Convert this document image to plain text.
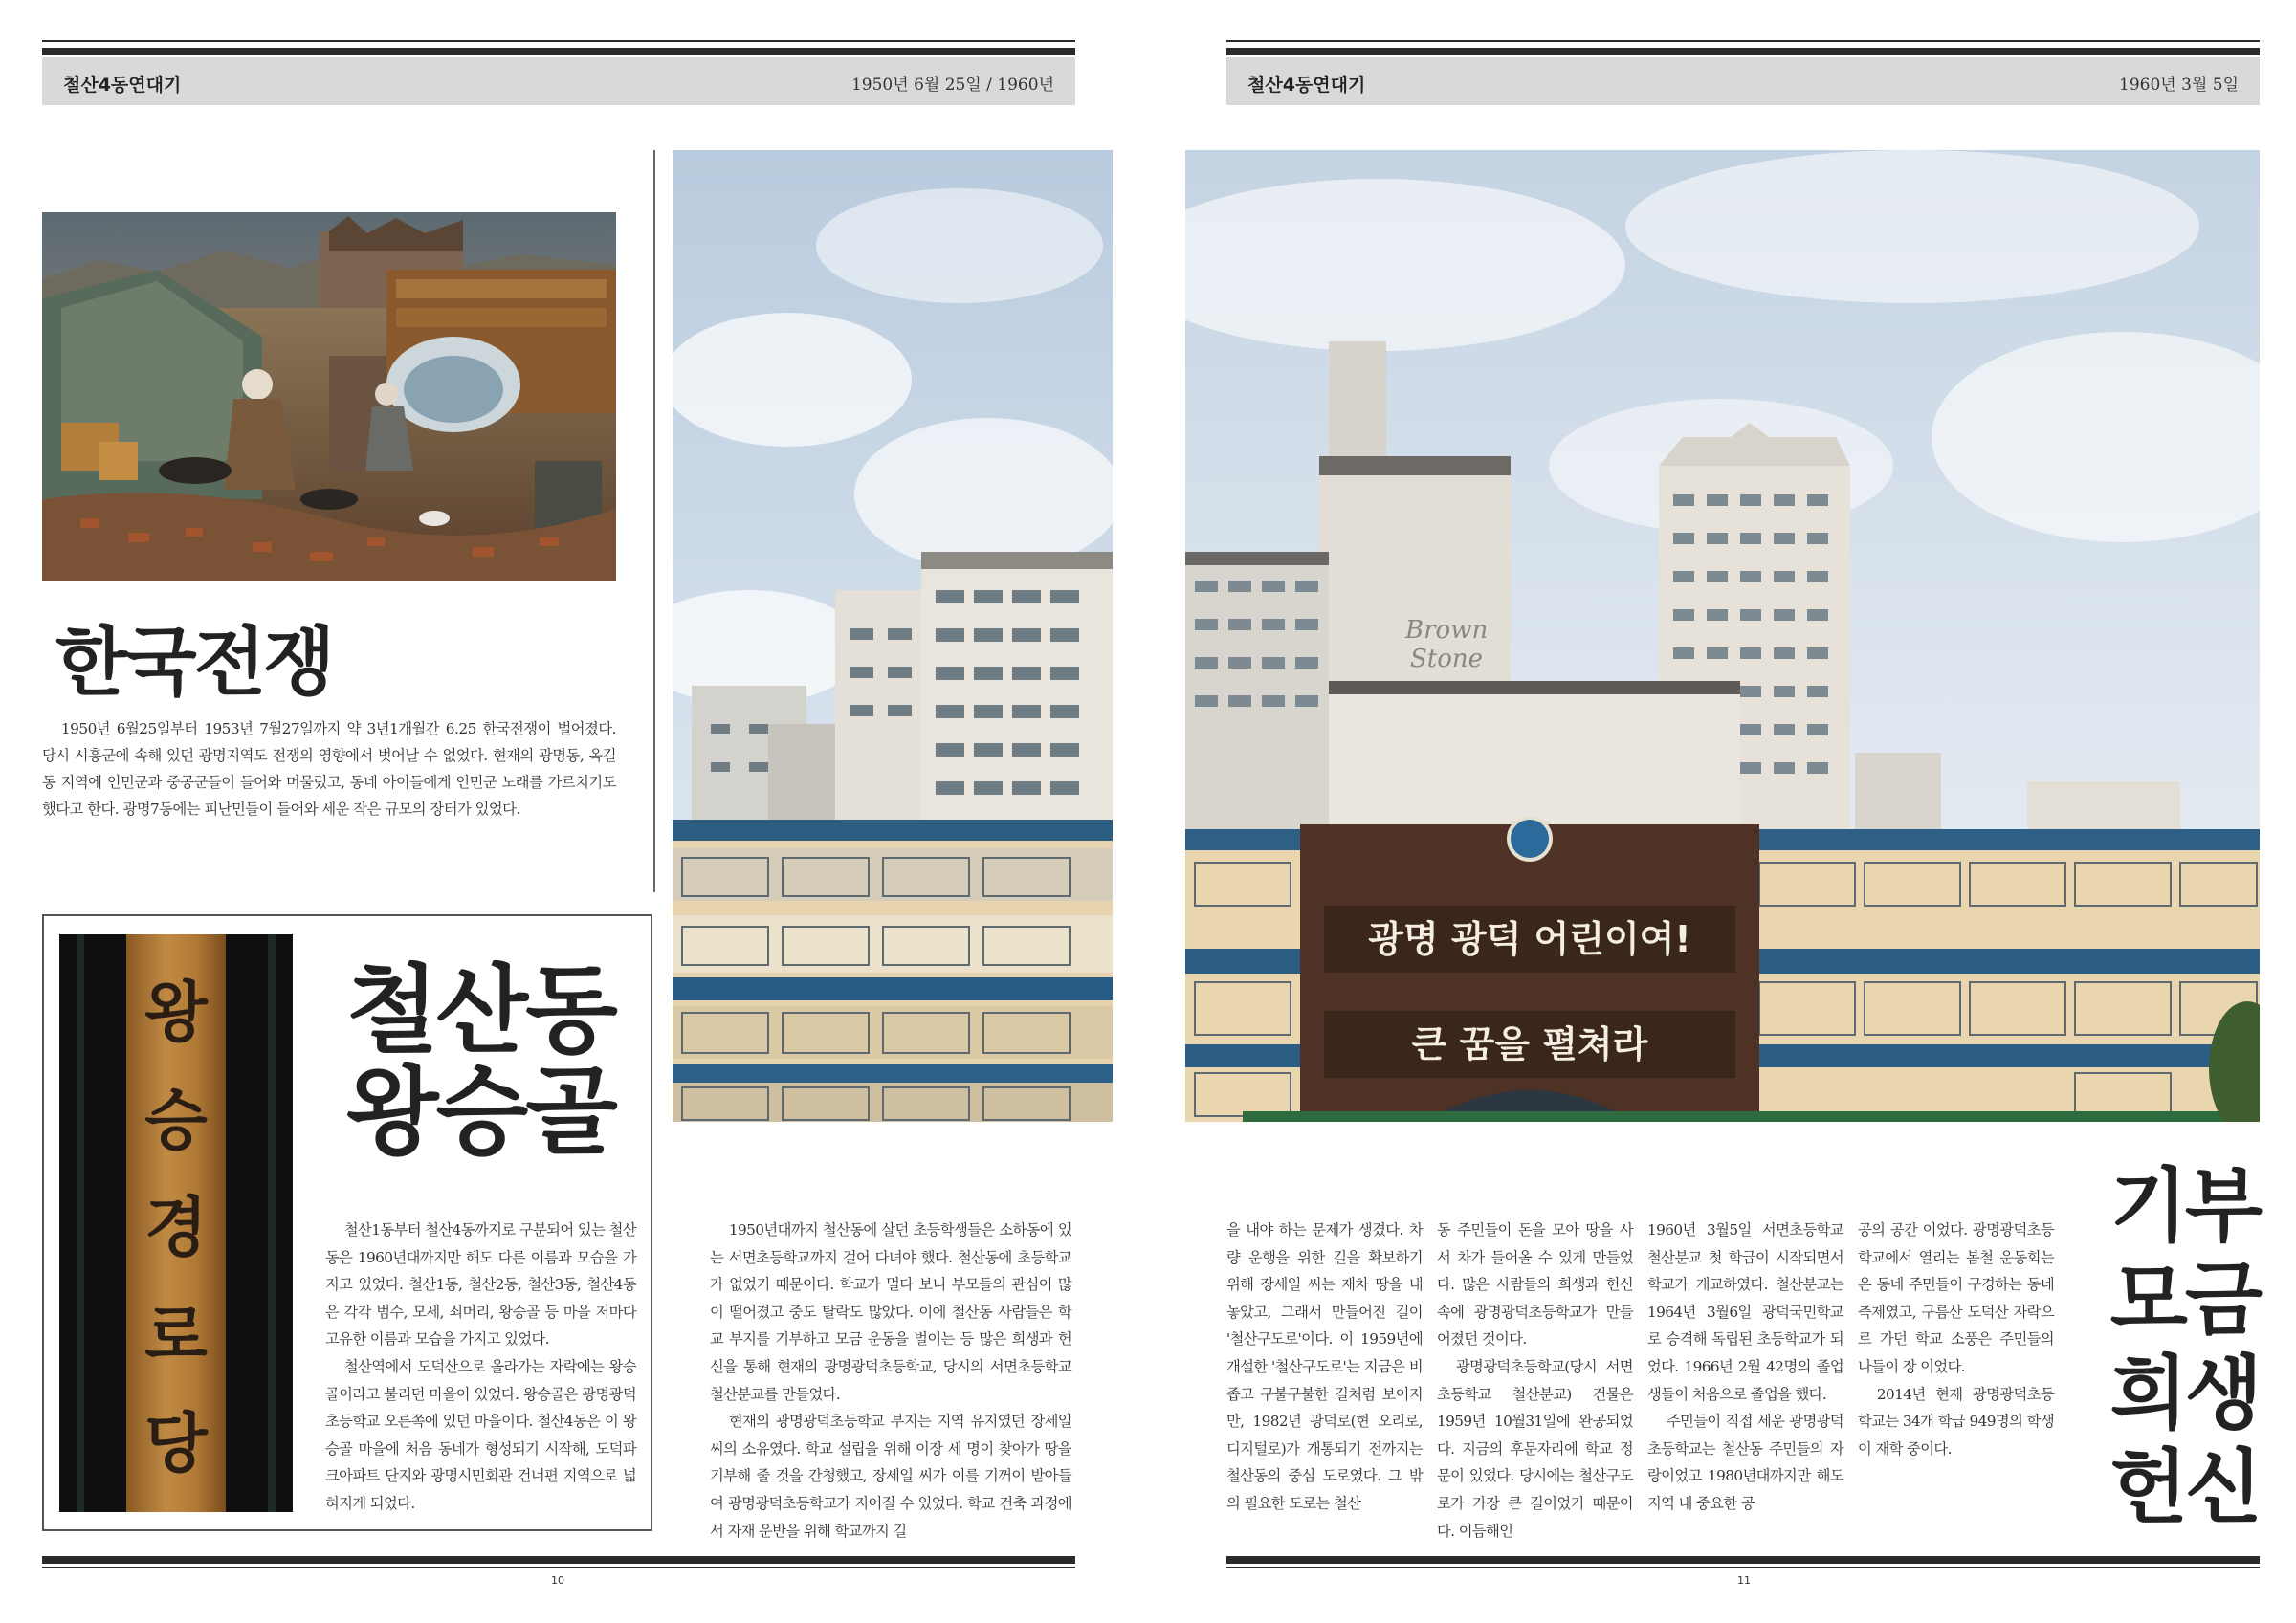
철산4동연대기	1950년 6월 25일 / 1960년
한국전쟁

1950년 6월25일부터 1953년 7월27일까지 약 3년1개월간 6.25 한국전쟁이 벌어졌다. 당시 시흥군에 속해 있던 광명지역도 전쟁의 영향에서 벗어날 수 없었다. 현재의 광명동, 옥길동 지역에 인민군과 중공군들이 들어와 머물렀고, 동네 아이들에게 인민군 노래를 가르치기도 했다고 한다. 광명7동에는 피난민들이 들어와 세운 작은 규모의 장터가 있었다.

왕
승
경
로
당
철산동
왕승골

철산1동부터 철산4동까지로 구분되어 있는 철산동은 1960년대까지만 해도 다른 이름과 모습을 가지고 있었다. 철산1동, 철산2동, 철산3동, 철산4동은 각각 범수, 모세, 쇠머리, 왕승골 등 마을 저마다 고유한 이름과 모습을 가지고 있었다.

철산역에서 도덕산으로 올라가는 자락에는 왕승골이라고 불리던 마을이 있었다. 왕승골은 광명광덕초등학교 오른쪽에 있던 마을이다. 철산4동은 이 왕승골 마을에 처음 동네가 형성되기 시작해, 도덕파크아파트 단지와 광명시민회관 건너편 지역으로 넓혀지게 되었다.

1950년대까지 철산동에 살던 초등학생들은 소하동에 있는 서면초등학교까지 걸어 다녀야 했다. 철산동에 초등학교가 없었기 때문이다. 학교가 멀다 보니 부모들의 관심이 많이 떨어졌고 중도 탈락도 많았다. 이에 철산동 사람들은 학교 부지를 기부하고 모금 운동을 벌이는 등 많은 희생과 헌신을 통해 현재의 광명광덕초등학교, 당시의 서면초등학교 철산분교를 만들었다.

현재의 광명광덕초등학교 부지는 지역 유지였던 장세일 씨의 소유였다. 학교 설립을 위해 이장 세 명이 찾아가 땅을 기부해 줄 것을 간청했고, 장세일 씨가 이를 기꺼이 받아들여 광명광덕초등학교가 지어질 수 있었다. 학교 건축 과정에서 자재 운반을 위해 학교까지 길

10
철산4동연대기	1960년 3월 5일
Brown
Stone
광명 광덕 어린이여!
큰 꿈을 펼쳐라

을 내야 하는 문제가 생겼다. 차량 운행을 위한 길을 확보하기 위해 장세일 씨는 재차 땅을 내놓았고, 그래서 만들어진 길이 '철산구도로'이다. 이 1959년에 개설한 '철산구도로'는 지금은 비좁고 구불구불한 길처럼 보이지만, 1982년 광덕로(현 오리로, 디지털로)가 개통되기 전까지는 철산동의 중심 도로였다. 그 밖의 필요한 도로는 철산

동 주민들이 돈을 모아 땅을 사서 차가 들어올 수 있게 만들었다. 많은 사람들의 희생과 헌신 속에 광명광덕초등학교가 만들어졌던 것이다.

광명광덕초등학교(당시 서면초등학교 철산분교) 건물은 1959년 10월31일에 완공되었다. 지금의 후문자리에 학교 정문이 있었다. 당시에는 철산구도로가 가장 큰 길이었기 때문이다. 이듬해인

1960년 3월5일 서면초등학교 철산분교 첫 학급이 시작되면서 학교가 개교하였다. 철산분교는 1964년 3월6일 광덕국민학교로 승격해 독립된 초등학교가 되었다. 1966년 2월 42명의 졸업생들이 처음으로 졸업을 했다.

주민들이 직접 세운 광명광덕초등학교는 철산동 주민들의 자랑이었고 1980년대까지만 해도 지역 내 중요한 공

공의 공간 이었다. 광명광덕초등학교에서 열리는 봄철 운동회는 온 동네 주민들이 구경하는 동네 축제였고, 구름산 도덕산 자락으로 가던 학교 소풍은 주민들의 나들이 장 이었다.

2014년 현재 광명광덕초등학교는 34개 학급 949명의 학생이 재학 중이다.

기부
모금
희생
헌신
11
